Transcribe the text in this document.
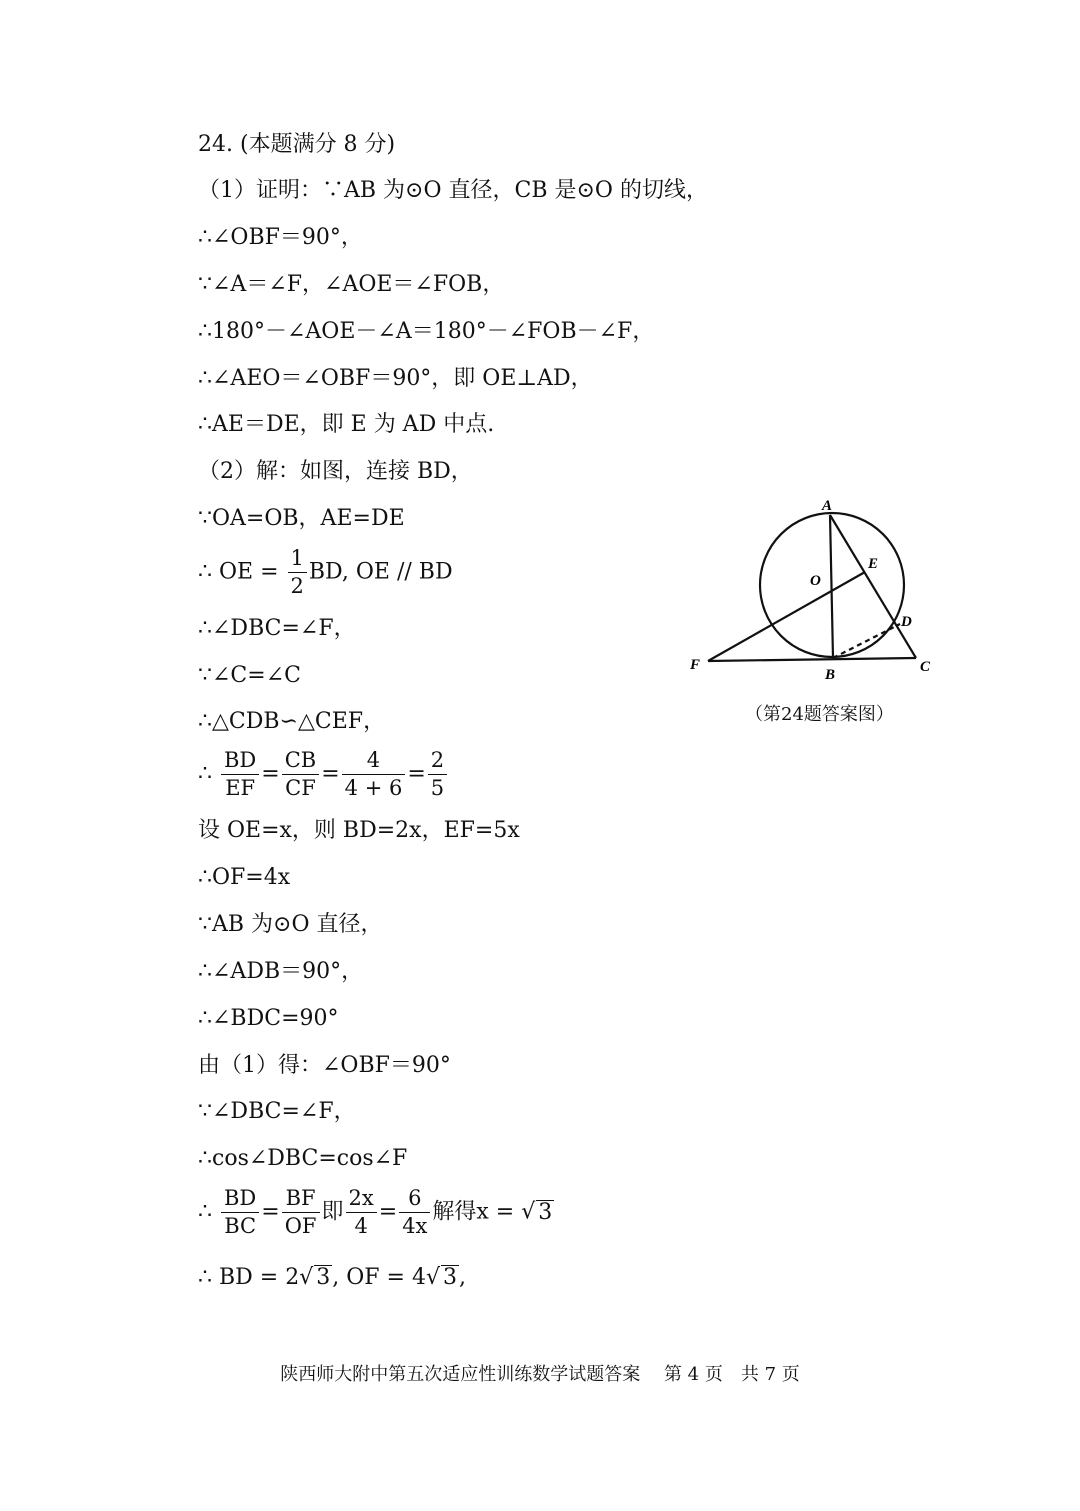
24. (本题满分 8 分)
（1）证明：∵AB 为⊙O 直径，CB 是⊙O 的切线，
∴∠OBF＝90°，
∵∠A＝∠F，∠AOE＝∠FOB，
∴180°－∠AOE－∠A＝180°－∠FOB－∠F，
∴∠AEO＝∠OBF＝90°，即 OE⊥AD，
∴AE＝DE，即 E 为 AD 中点.
（2）解：如图，连接 BD，
∵OA=OB，AE=DE
∴ OE = $\frac{1}{2}$ BD, OE // BD
∴∠DBC=∠F，
∵∠C=∠C
∴△CDB∽△CEF，
∴ $\frac{BD}{EF} = \frac{CB}{CF} = \frac{4}{4 + 6} = \frac{2}{5}$
设 OE=x，则 BD=2x，EF=5x
∴OF=4x
∵AB 为⊙O 直径，
∴∠ADB＝90°，
∴∠BDC=90°
由（1）得：∠OBF＝90°
∵∠DBC=∠F，
∴cos∠DBC=cos∠F
∴ $\frac{BD}{BC} = \frac{BF}{OF}$ 即 $\frac{2x}{4} = \frac{6}{4x}$ 解得x = √ 3
∴ BD = 2√ 3, OF = 4√ 3,
A
E
O
D
F
B	C
（第24题答案图）
陕西师大附中第五次适应性训练数学试题答案　 第 4 页　共 7 页
